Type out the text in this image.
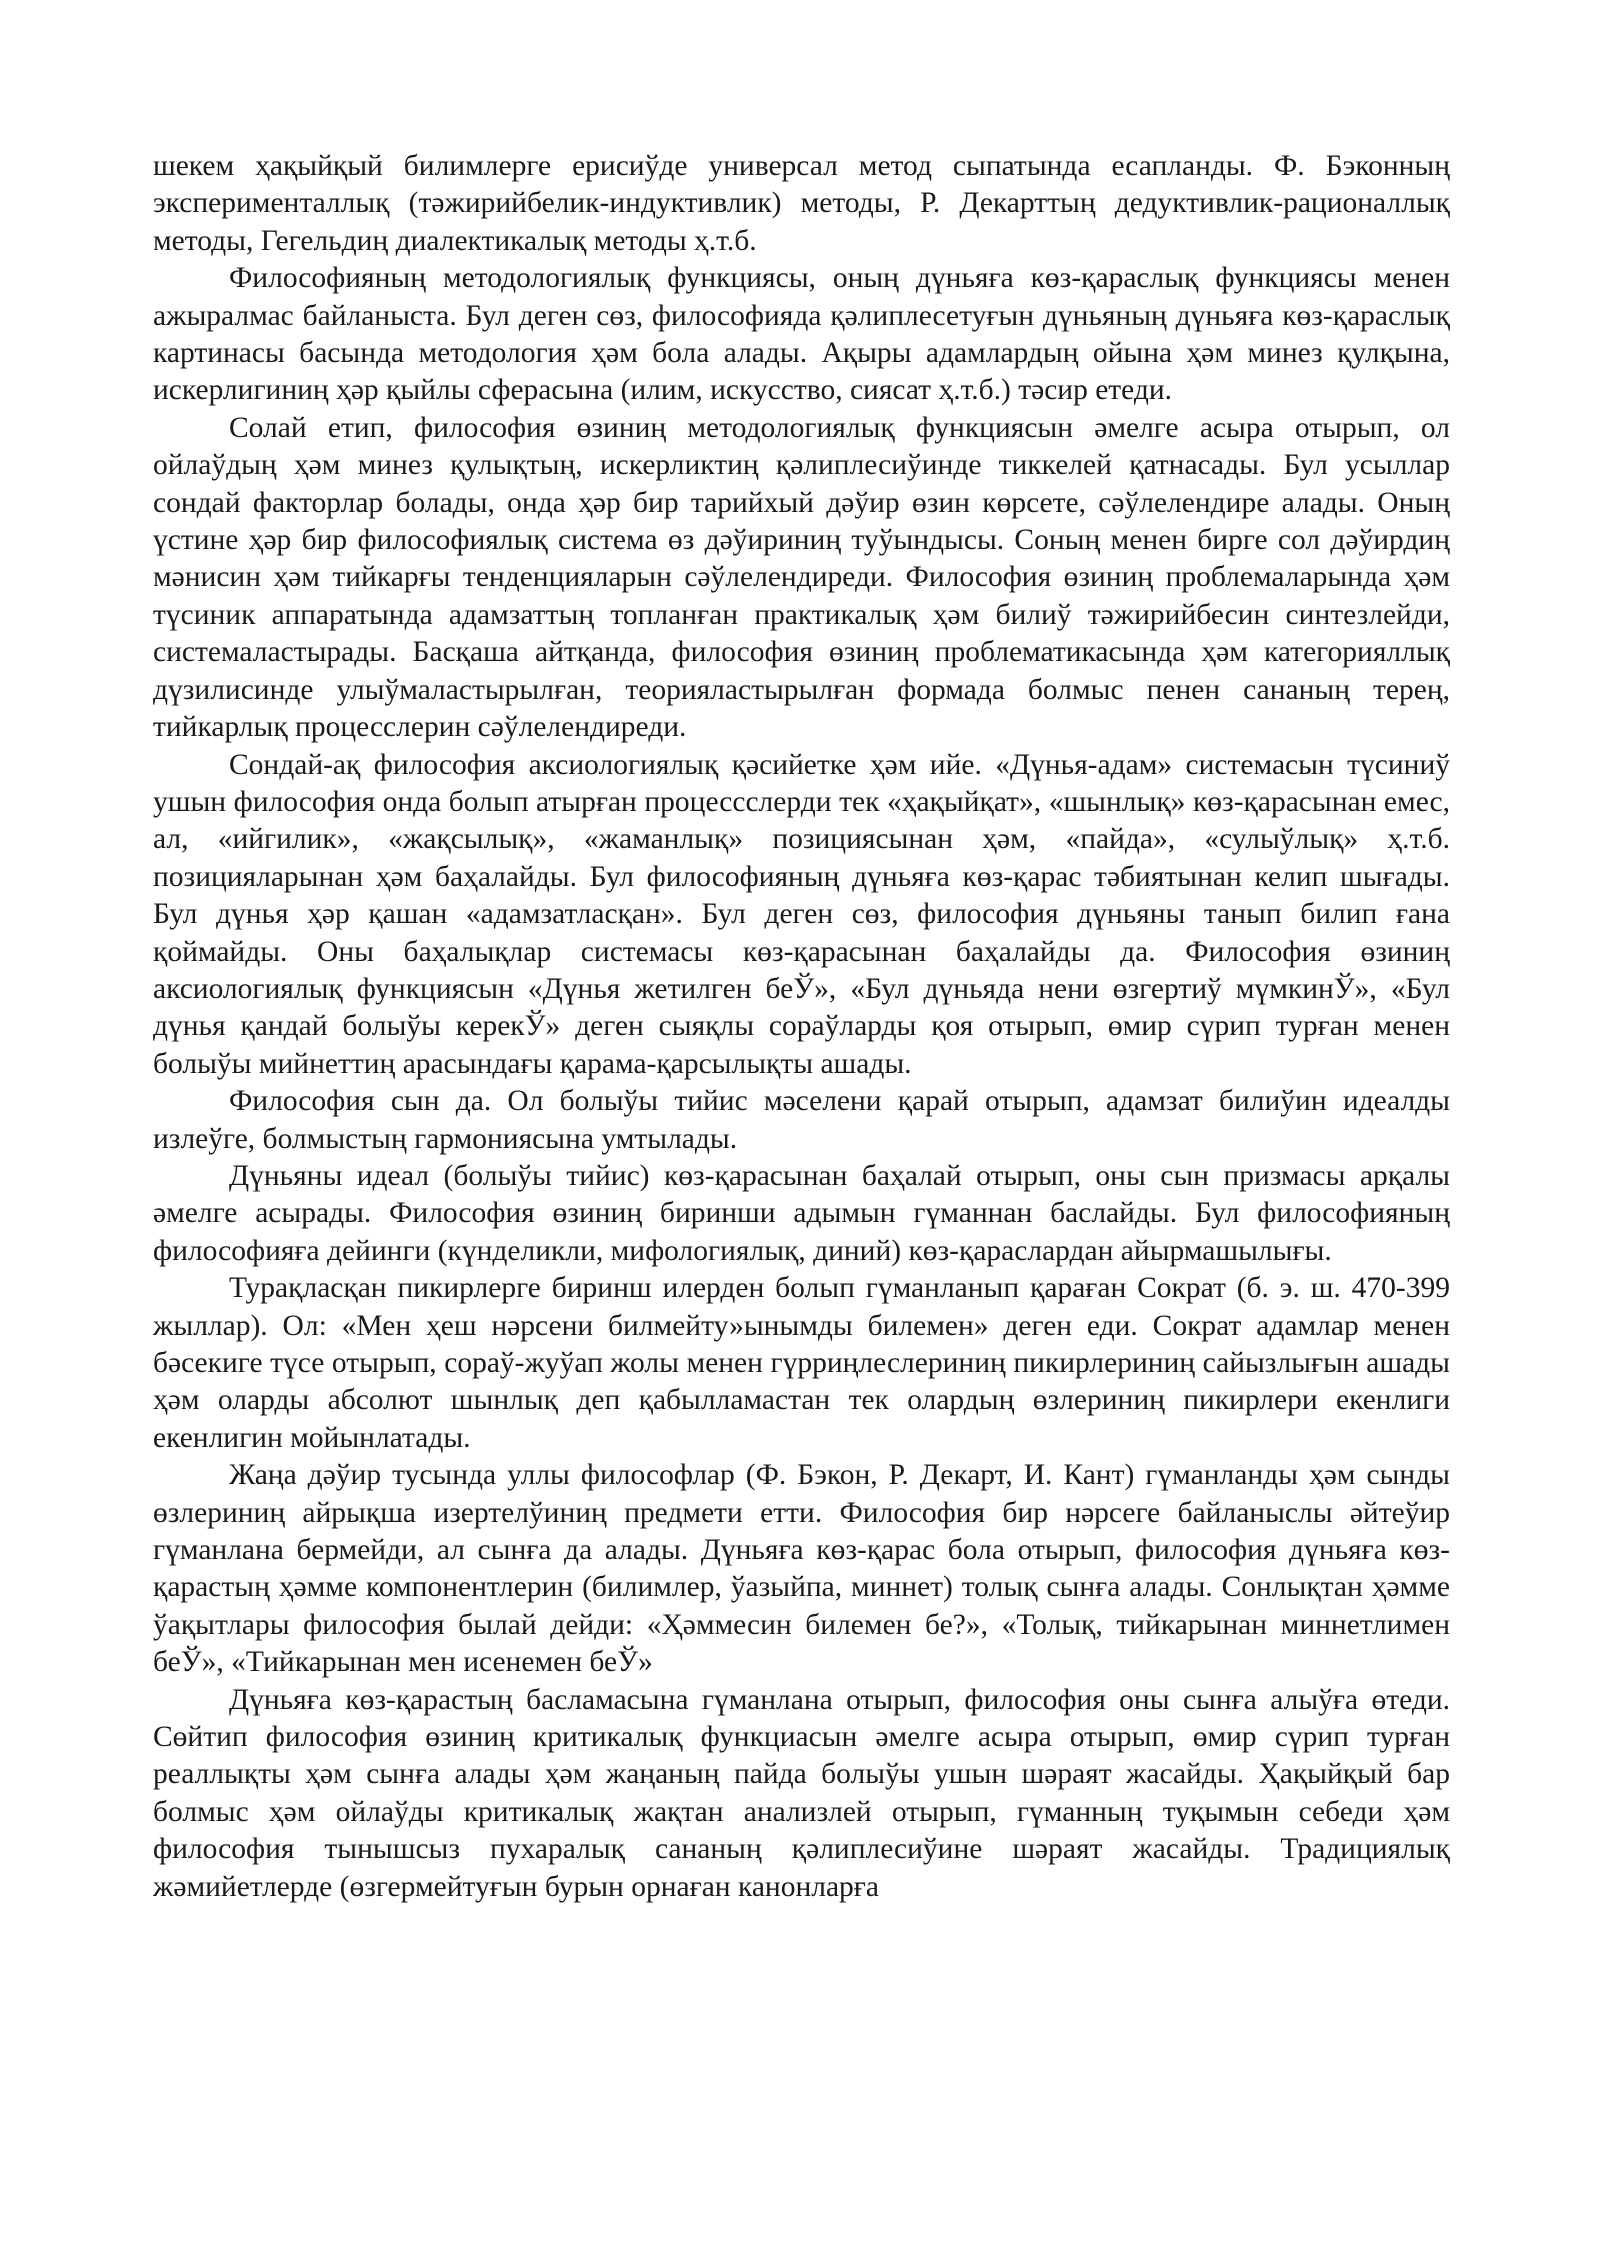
шекем ҳақыйқый билимлерге ерисиўде универсал метод сыпатында есапланды. Ф. Бэконның эксперименталлық (тәжирийбелик-индуктивлик) методы, Р. Декарттың дедуктивлик-рационаллық методы, Гегельдиң диалектикалық методы ҳ.т.б.

Философияның методологиялық функциясы, оның дүньяға көз-қараслық функциясы менен ажыралмас байланыста. Бул деген сөз, философияда қәлиплесетуғын дүньяның дүньяға көз-қараслық картинасы басында методология ҳәм бола алады. Ақыры адамлардың ойына ҳәм минез қулқына, искерлигиниң ҳәр қыйлы сферасына (илим, искусство, сиясат ҳ.т.б.) тәсир етеди.

Солай етип, философия өзиниң методологиялық функциясын әмелге асыра отырып, ол ойлаўдың ҳәм минез қулықтың, искерликтиң қәлиплесиўинде тиккелей қатнасады. Бул усыллар сондай факторлар болады, онда ҳәр бир тарийхый дәўир өзин көрсете, сәўлелендире алады. Оның үстине ҳәр бир философиялық система өз дәўириниң туўындысы. Соның менен бирге сол дәўирдиң мәнисин ҳәм тийкарғы тенденцияларын сәўлелендиреди. Философия өзиниң проблемаларында ҳәм түсиник аппаратында адамзаттың топланған практикалық ҳәм билиў тәжирийбесин синтезлейди, системаластырады. Басқаша айтқанда, философия өзиниң проблематикасында ҳәм категорияллық дүзилисинде улыўмаластырылған, теорияластырылған формада болмыс пенен сананың терең, тийкарлық процесслерин сәўлелендиреди.

Сондай-ақ философия аксиологиялық қәсийетке ҳәм ийе. «Дүнья-адам» системасын түсиниў ушын философия онда болып атырған процесcслерди тек «ҳақыйқат», «шынлық» көз-қарасынан емес, ал, «ийгилик», «жақсылық», «жаманлық» позициясынан ҳәм, «пайда», «сулыўлық» ҳ.т.б. позицияларынан ҳәм баҳалайды. Бул философияның дүньяға көз-қарас тәбиятынан келип шығады. Бул дүнья ҳәр қашан «адамзатласқан». Бул деген сөз, философия дүньяны танып билип ғана қоймайды. Оны баҳалықлар системасы көз-қарасынан баҳалайды да. Философия өзиниң аксиологиялық функциясын «Дүнья жетилген беЎ», «Бул дүньяда нени өзгертиў мүмкинЎ», «Бул дүнья қандай болыўы керекЎ» деген сыяқлы сораўларды қоя отырып, өмир сүрип турған менен болыўы мийнеттиң арасындағы қарама-қарсылықты ашады.

Философия сын да. Ол болыўы тийис мәселени қарай отырып, адамзат билиўин идеалды излеўге, болмыстың гармониясына умтылады.

Дүньяны идеал (болыўы тийис) көз-қарасынан баҳалай отырып, оны сын призмасы арқалы әмелге асырады. Философия өзиниң биринши адымын гүманнан баслайды. Бул философияның философияға дейинги (күнделикли, мифологиялық, диний) көз-қараслардан айырмашылығы.

Турақласқан пикирлерге биринш илерден болып гүманланып қараған Сократ (б. э. ш. 470-399 жыллар). Ол: «Мен ҳеш нәрсени билмейту»ынымды билемен» деген еди. Сократ адамлар менен бәсекиге түсе отырып, сораў-жуўап жолы менен гүрриңлеслериниң пикирлериниң сайызлығын ашады ҳәм оларды абсолют шынлық деп қабылламастан тек олардың өзлериниң пикирлери екенлиги екенлигин мойынлатады.

Жаңа дәўир тусында уллы философлар (Ф. Бэкон, Р. Декарт, И. Кант) гүманланды ҳәм сынды өзлериниң айрықша изертелўиниң предмети етти. Философия бир нәрсеге байланыслы әйтеўир гүманлана бермейди, ал сынға да алады. Дүньяға көз-қарас бола отырып, философия дүньяға көз-қарастың ҳәмме компонентлерин (билимлер, ўазыйпа, миннет) толық сынға алады. Сонлықтан ҳәмме ўақытлары философия былай дейди: «Ҳәммесин билемен бе?», «Толық, тийкарынан миннетлимен беЎ», «Тийкарынан мен исенемен беЎ»

Дүньяға көз-қарастың басламасына гүманлана отырып, философия оны сынға алыўға өтеди. Сөйтип философия өзиниң критикалық функциасын әмелге асыра отырып, өмир сүрип турған реаллықты ҳәм сынға алады ҳәм жаңаның пайда болыўы ушын шәраят жасайды. Ҳақыйқый бар болмыс ҳәм ойлаўды критикалық жақтан анализлей отырып, гүманның туқымын себеди ҳәм философия тынышсыз пухаралық сананың қәлиплесиўине шәраят жасайды. Традициялық жәмийетлерде (өзгермейтуғын бурын орнаған канонларға
